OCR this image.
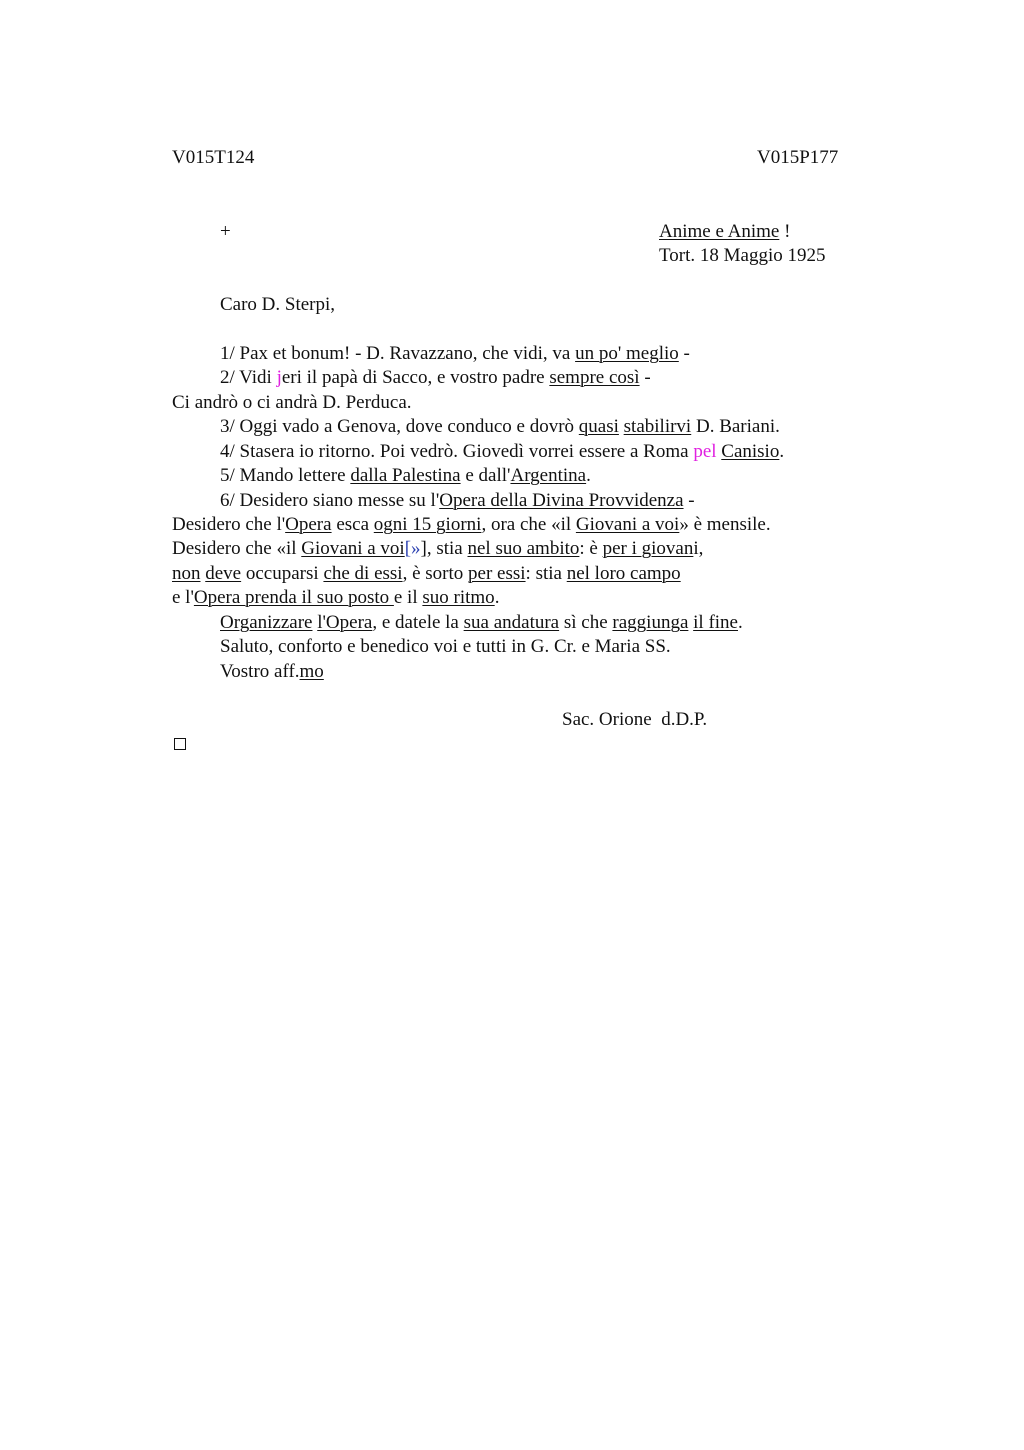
V015T124	V015P177
+	Anime e Anime !
Tort. 18 Maggio 1925
Caro D. Sterpi,
1/ Pax et bonum! - D. Ravazzano, che vidi, va un po' meglio -
2/ Vidi jeri il papà di Sacco, e vostro padre sempre così -
Ci andrò o ci andrà D. Perduca.
3/ Oggi vado a Genova, dove conduco e dovrò quasi stabilirvi D. Bariani.
4/ Stasera io ritorno. Poi vedrò. Giovedì vorrei essere a Roma pel Canisio.
5/ Mando lettere dalla Palestina e dall'Argentina.
6/ Desidero siano messe su l'Opera della Divina Provvidenza -
Desidero che l'Opera esca ogni 15 giorni, ora che «il Giovani a voi» è mensile.
Desidero che «il Giovani a voi[»], stia nel suo ambito: è per i giovani,
non deve occuparsi che di essi, è sorto per essi: stia nel loro campo
e l'Opera prenda il suo posto e il suo ritmo.
Organizzare l'Opera, e datele la sua andatura sì che raggiunga il fine.
Saluto, conforto e benedico voi e tutti in G. Cr. e Maria SS.
Vostro aff.mo
Sac. Orione  d.D.P.
